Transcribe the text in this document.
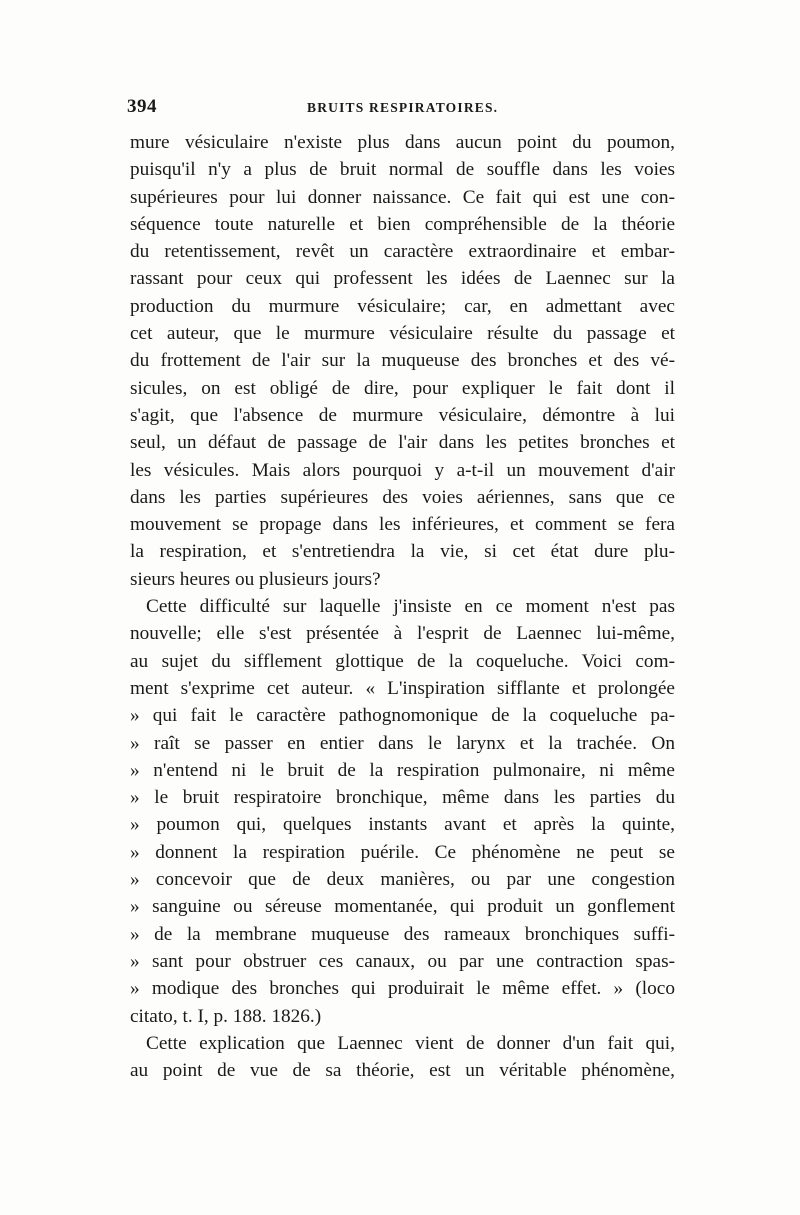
394	BRUITS RESPIRATOIRES.
mure vésiculaire n'existe plus dans aucun point du poumon,
puisqu'il n'y a plus de bruit normal de souffle dans les voies
supérieures pour lui donner naissance. Ce fait qui est une con-
séquence toute naturelle et bien compréhensible de la théorie
du retentissement, revêt un caractère extraordinaire et embar-
rassant pour ceux qui professent les idées de Laennec sur la
production du murmure vésiculaire; car, en admettant avec
cet auteur, que le murmure vésiculaire résulte du passage et
du frottement de l'air sur la muqueuse des bronches et des vé-
sicules, on est obligé de dire, pour expliquer le fait dont il
s'agit, que l'absence de murmure vésiculaire, démontre à lui
seul, un défaut de passage de l'air dans les petites bronches et
les vésicules. Mais alors pourquoi y a-t-il un mouvement d'air
dans les parties supérieures des voies aériennes, sans que ce
mouvement se propage dans les inférieures, et comment se fera
la respiration, et s'entretiendra la vie, si cet état dure plu-
sieurs heures ou plusieurs jours?
Cette difficulté sur laquelle j'insiste en ce moment n'est pas
nouvelle; elle s'est présentée à l'esprit de Laennec lui-même,
au sujet du sifflement glottique de la coqueluche. Voici com-
ment s'exprime cet auteur. « L'inspiration sifflante et prolongée
» qui fait le caractère pathognomonique de la coqueluche pa-
» raît se passer en entier dans le larynx et la trachée. On
» n'entend ni le bruit de la respiration pulmonaire, ni même
» le bruit respiratoire bronchique, même dans les parties du
» poumon qui, quelques instants avant et après la quinte,
» donnent la respiration puérile. Ce phénomène ne peut se
» concevoir que de deux manières, ou par une congestion
» sanguine ou séreuse momentanée, qui produit un gonflement
» de la membrane muqueuse des rameaux bronchiques suffi-
» sant pour obstruer ces canaux, ou par une contraction spas-
» modique des bronches qui produirait le même effet. » (loco
citato, t. I, p. 188. 1826.)
Cette explication que Laennec vient de donner d'un fait qui,
au point de vue de sa théorie, est un véritable phénomène,
